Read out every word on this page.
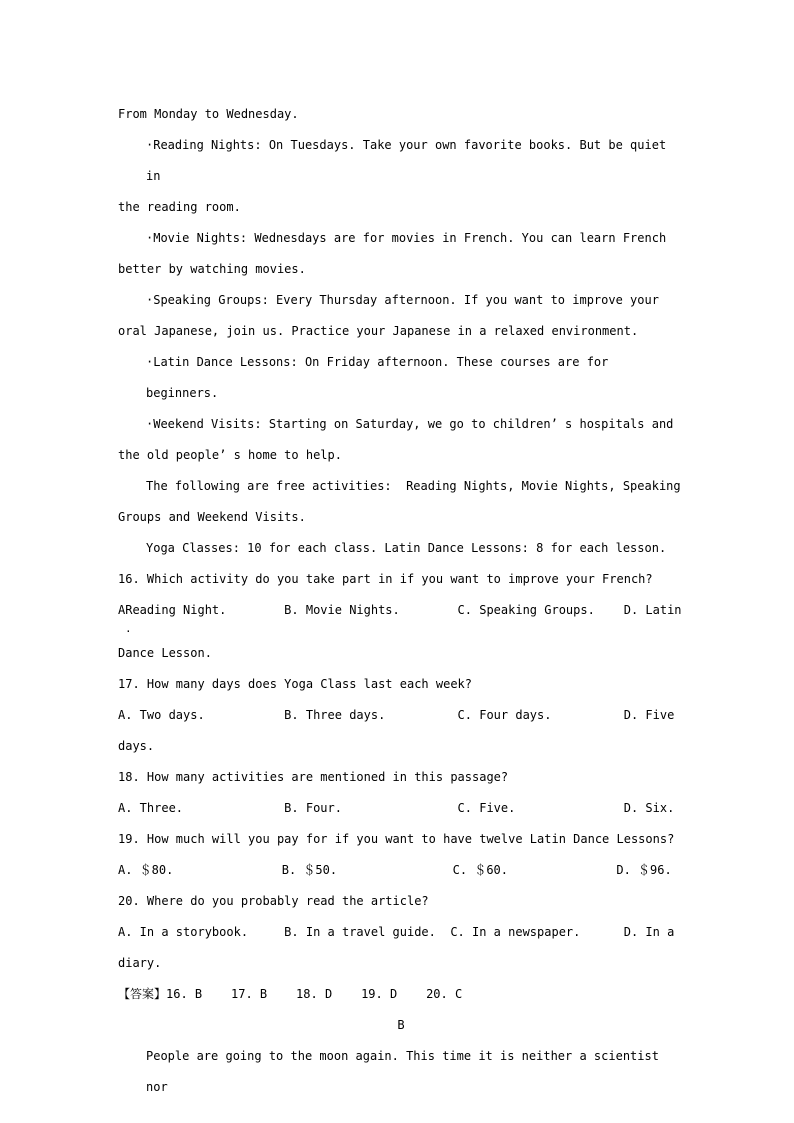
From Monday to Wednesday.
·Reading Nights: On Tuesdays. Take your own favorite books. But be quiet in
the reading room.
·Movie Nights: Wednesdays are for movies in French. You can learn French
better by watching movies.
·Speaking Groups: Every Thursday afternoon. If you want to improve your
oral Japanese, join us. Practice your Japanese in a relaxed environment.
·Latin Dance Lessons: On Friday afternoon. These courses are for beginners.
·Weekend Visits: Starting on Saturday, we go to children’ s hospitals and
the old people’ s home to help.
The following are free activities:  Reading Nights, Movie Nights, Speaking
Groups and Weekend Visits.
Yoga Classes: 10 for each class. Latin Dance Lessons: 8 for each lesson.
16. Which activity do you take part in if you want to improve your French?
AReading Night.        B. Movie Nights.        C. Speaking Groups.    D. Latin
·
Dance Lesson.
17. How many days does Yoga Class last each week?
A. Two days.           B. Three days.          C. Four days.          D. Five
days.
18. How many activities are mentioned in this passage?
A. Three.              B. Four.                C. Five.               D. Six.
19. How much will you pay for if you want to have twelve Latin Dance Lessons?
A. ＄80.               B. ＄50.                C. ＄60.               D. ＄96.
20. Where do you probably read the article?
A. In a storybook.     B. In a travel guide.  C. In a newspaper.      D. In a
diary.
【答案】16. B    17. B    18. D    19. D    20. C
B
People are going to the moon again. This time it is neither a scientist nor
